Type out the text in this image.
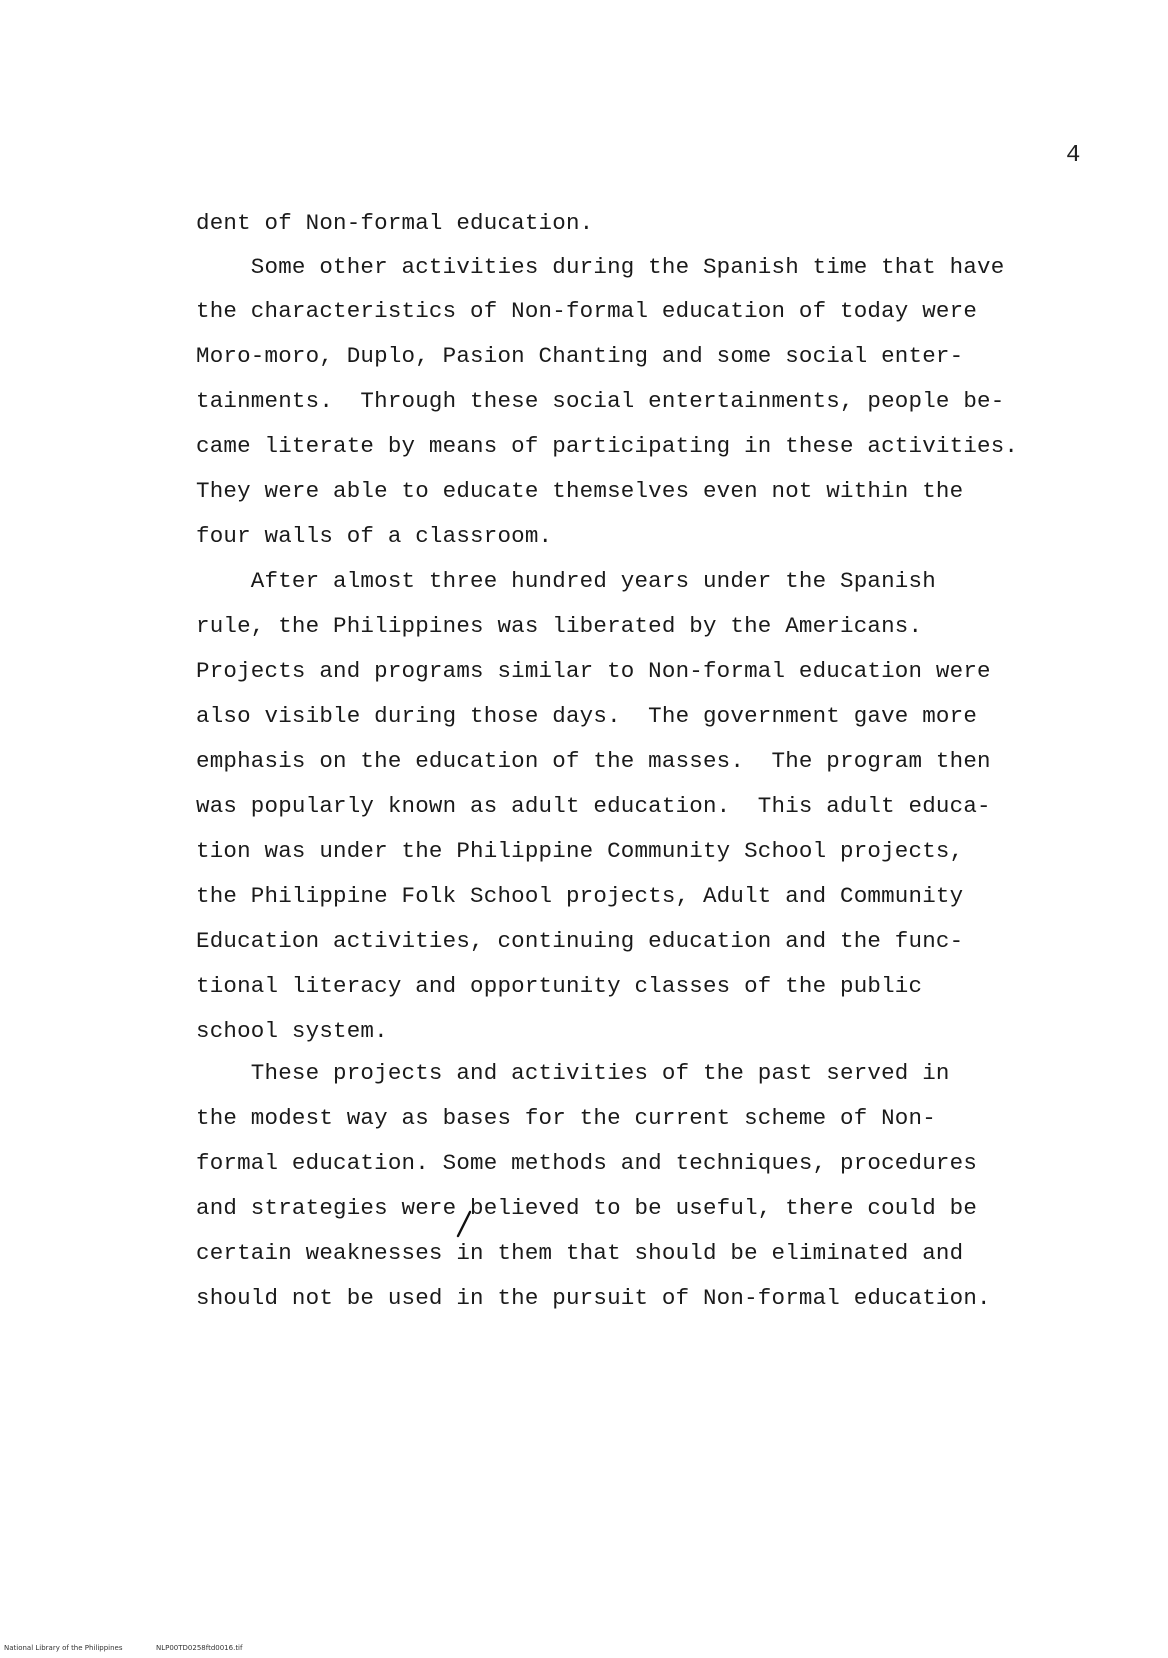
4
dent of Non-formal education.
Some other activities during the Spanish time that have
the characteristics of Non-formal education of today were
Moro-moro, Duplo, Pasion Chanting and some social enter-
tainments.  Through these social entertainments, people be-
came literate by means of participating in these activities.
They were able to educate themselves even not within the
four walls of a classroom.
After almost three hundred years under the Spanish
rule, the Philippines was liberated by the Americans.
Projects and programs similar to Non-formal education were
also visible during those days.  The government gave more
emphasis on the education of the masses.  The program then
was popularly known as adult education.  This adult educa-
tion was under the Philippine Community School projects,
the Philippine Folk School projects, Adult and Community
Education activities, continuing education and the func-
tional literacy and opportunity classes of the public
school system.
These projects and activities of the past served in
the modest way as bases for the current scheme of Non-
formal education. Some methods and techniques, procedures
and strategies were believed to be useful, there could be
certain weaknesses in them that should be eliminated and
should not be used in the pursuit of Non-formal education.
National Library of the Philippines	NLP00TD0258ftd0016.tif
